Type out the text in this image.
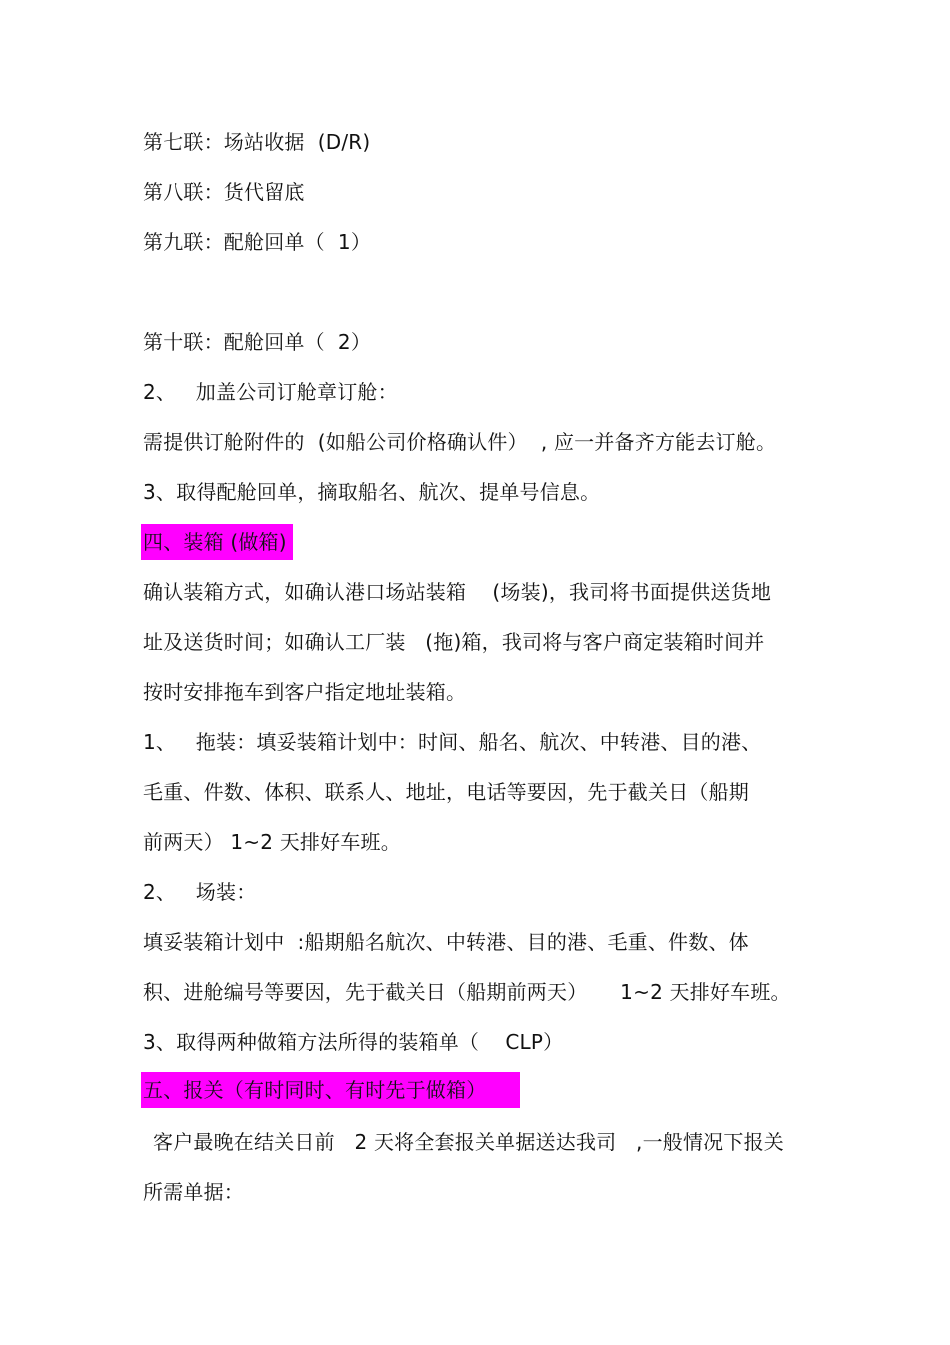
第七联：场站收据  (D/R)
第八联：货代留底
第九联：配舱回单（  1）
第十联：配舱回单（  2）
2、   加盖公司订舱章订舱：
需提供订舱附件的  (如船公司价格确认件）  , 应一并备齐方能去订舱。
3、取得配舱回单，摘取船名、航次、提单号信息。
四、装箱 (做箱)
确认装箱方式，如确认港口场站装箱    (场装)，我司将书面提供送货地
址及送货时间；如确认工厂装   (拖)箱，我司将与客户商定装箱时间并
按时安排拖车到客户指定地址装箱。
1、   拖装：填妥装箱计划中：时间、船名、航次、中转港、目的港、
毛重、件数、体积、联系人、地址，电话等要因，先于截关日（船期
前两天） 1~2 天排好车班。
2、   场装：
填妥装箱计划中  :船期船名航次、中转港、目的港、毛重、件数、体
积、进舱编号等要因，先于截关日（船期前两天）     1~2 天排好车班。
3、取得两种做箱方法所得的装箱单（    CLP）
五、报关（有时同时、有时先于做箱）
客户最晚在结关日前   2 天将全套报关单据送达我司   ,一般情况下报关
所需单据：
